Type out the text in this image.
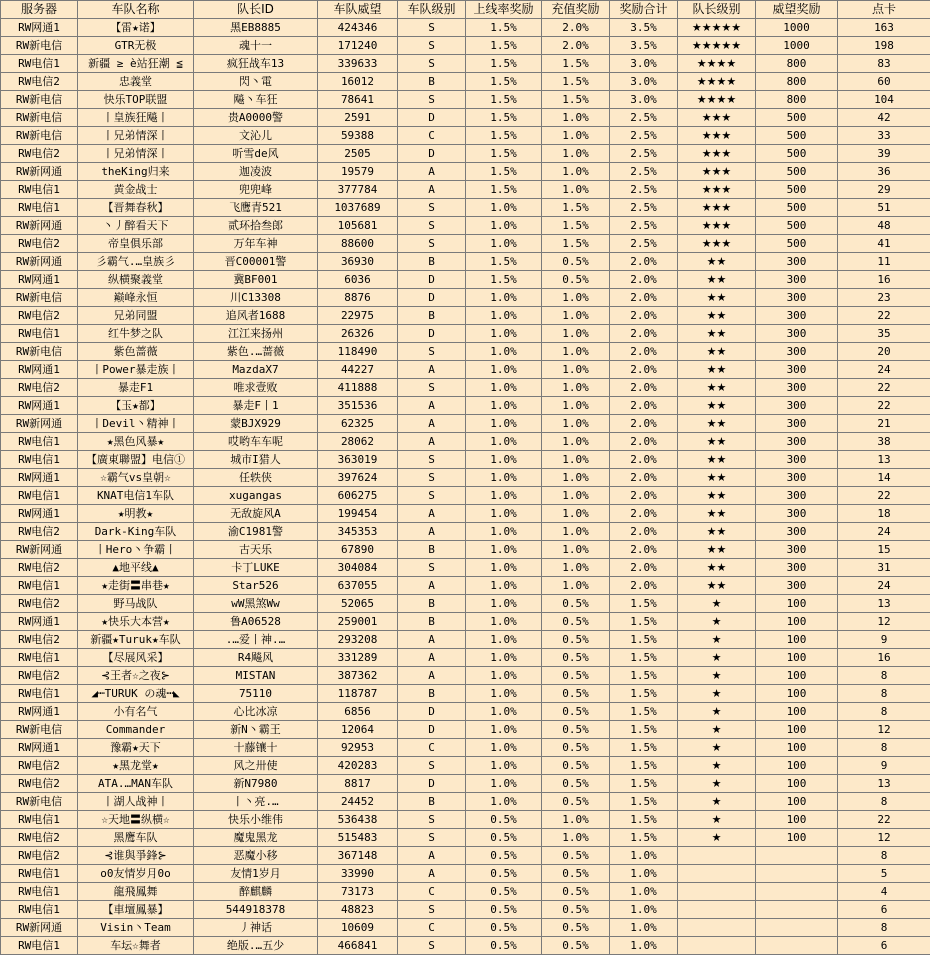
服务器	车队名称	队长ID	车队威望	车队级别	上线率奖励	充值奖励	奖励合计	队长级别	威望奖励	点卡
RW网通1	【雷★诺】	黑EB8885	424346	S	1.5%	2.0%	3.5%	★★★★★	1000	163
RW新电信	GTR无极	魂十一	171240	S	1.5%	2.0%	3.5%	★★★★★	1000	198
RW电信1	新疆 ≥ è站狂潮 ≦	疯狂战车13	339633	S	1.5%	1.5%	3.0%	★★★★	800	83
RW电信2	忠義堂	閃丶電	16012	B	1.5%	1.5%	3.0%	★★★★	800	60
RW新电信	快乐TOP联盟	飚丶车狂	78641	S	1.5%	1.5%	3.0%	★★★★	800	104
RW新电信	丨皇族狂飚丨	贵A0000警	2591	D	1.5%	1.0%	2.5%	★★★	500	42
RW新电信	丨兄弟情深丨	文沁儿	59388	C	1.5%	1.0%	2.5%	★★★	500	33
RW电信2	丨兄弟情深丨	听雪de风	2505	D	1.5%	1.0%	2.5%	★★★	500	39
RW新网通	theKing归来	迦凌波	19579	A	1.5%	1.0%	2.5%	★★★	500	36
RW电信1	黄金战士	兜兜峰	377784	A	1.5%	1.0%	2.5%	★★★	500	29
RW电信1	【晋舞春秋】	飞鹰青521	1037689	S	1.0%	1.5%	2.5%	★★★	500	51
RW新网通	丶丿醉看天下	贰环拾叁郎	105681	S	1.0%	1.5%	2.5%	★★★	500	48
RW电信2	帝皇俱乐部	万年车神	88600	S	1.0%	1.5%	2.5%	★★★	500	41
RW新网通	彡霸气.…皇族彡	晋C00001警	36930	B	1.5%	0.5%	2.0%	★★	300	11
RW网通1	纵横聚義堂	冀BF001	6036	D	1.5%	0.5%	2.0%	★★	300	16
RW新电信	巅峰永恒	川C13308	8876	D	1.0%	1.0%	2.0%	★★	300	23
RW电信2	兄弟同盟	追风者1688	22975	B	1.0%	1.0%	2.0%	★★	300	22
RW电信1	红牛梦之队	江江来扬州	26326	D	1.0%	1.0%	2.0%	★★	300	35
RW新电信	紫色蔷薇	紫色.…蔷薇	118490	S	1.0%	1.0%	2.0%	★★	300	20
RW网通1	丨Power暴走族丨	MazdaX7	44227	A	1.0%	1.0%	2.0%	★★	300	24
RW电信2	暴走F1	唯求壹败	411888	S	1.0%	1.0%	2.0%	★★	300	22
RW网通1	【玉★都】	暴走F丨1	351536	A	1.0%	1.0%	2.0%	★★	300	22
RW新网通	丨Devil丶精神丨	蒙BJX929	62325	A	1.0%	1.0%	2.0%	★★	300	21
RW电信1	★黑色风暴★	哎哟车车呢	28062	A	1.0%	1.0%	2.0%	★★	300	38
RW电信1	【廣東聯盟】电信①	城市I猎人	363019	S	1.0%	1.0%	2.0%	★★	300	13
RW网通1	☆霸气vs皇朝☆	任轶侠	397624	S	1.0%	1.0%	2.0%	★★	300	14
RW电信1	KNAT电信1车队	xugangas	606275	S	1.0%	1.0%	2.0%	★★	300	22
RW网通1	★明教★	无敌旋风A	199454	A	1.0%	1.0%	2.0%	★★	300	18
RW电信2	Dark-King车队	渝C1981警	345353	A	1.0%	1.0%	2.0%	★★	300	24
RW新网通	丨Hero丶争霸丨	古天乐	67890	B	1.0%	1.0%	2.0%	★★	300	15
RW电信2	▲地平线▲	卡丁LUKE	304084	S	1.0%	1.0%	2.0%	★★	300	31
RW电信1	★走街〓串巷★	Star526	637055	A	1.0%	1.0%	2.0%	★★	300	24
RW电信2	野马战队	wW黑煞Ww	52065	B	1.0%	0.5%	1.5%	★	100	13
RW网通1	★快乐大本营★	鲁A06528	259001	B	1.0%	0.5%	1.5%	★	100	12
RW电信2	新疆★Turuk★车队	.…爱丨神.…	293208	A	1.0%	0.5%	1.5%	★	100	9
RW电信1	【尽展风采】	R4飚风	331289	A	1.0%	0.5%	1.5%	★	100	16
RW电信2	⊰王者☆之夜⊱	MISTAN	387362	A	1.0%	0.5%	1.5%	★	100	8
RW电信1	◢┉TURUK の魂┉◣	75110	118787	B	1.0%	0.5%	1.5%	★	100	8
RW网通1	小有名气	心比冰凉	6856	D	1.0%	0.5%	1.5%	★	100	8
RW新电信	Commander	新N丶霸王	12064	D	1.0%	0.5%	1.5%	★	100	12
RW网通1	豫霸★天下	十藤镶十	92953	C	1.0%	0.5%	1.5%	★	100	8
RW电信2	★黑龙堂★	风之卅使	420283	S	1.0%	0.5%	1.5%	★	100	9
RW电信2	ATA.…MAN车队	新N7980	8817	D	1.0%	0.5%	1.5%	★	100	13
RW新电信	丨湖人战神丨	丨丶亮.…	24452	B	1.0%	0.5%	1.5%	★	100	8
RW电信1	☆天地〓纵横☆	快乐小维伟	536438	S	0.5%	1.0%	1.5%	★	100	22
RW电信2	黑鹰车队	魔鬼黑龙	515483	S	0.5%	1.0%	1.5%	★	100	12
RW电信2	⊰谁與爭鋒⊱	恶魔小移	367148	A	0.5%	0.5%	1.0%			8
RW电信1	o0友情岁月0o	友情1岁月	33990	A	0.5%	0.5%	1.0%			5
RW电信1	龍飛鳳舞	醉麒麟	73173	C	0.5%	0.5%	1.0%			4
RW电信1	【車壇鳳暴】	544918378	48823	S	0.5%	0.5%	1.0%			6
RW新网通	Visin丶Team	丿神话	10609	C	0.5%	0.5%	1.0%			8
RW电信1	车坛☆舞者	绝版.…五少	466841	S	0.5%	0.5%	1.0%			6
